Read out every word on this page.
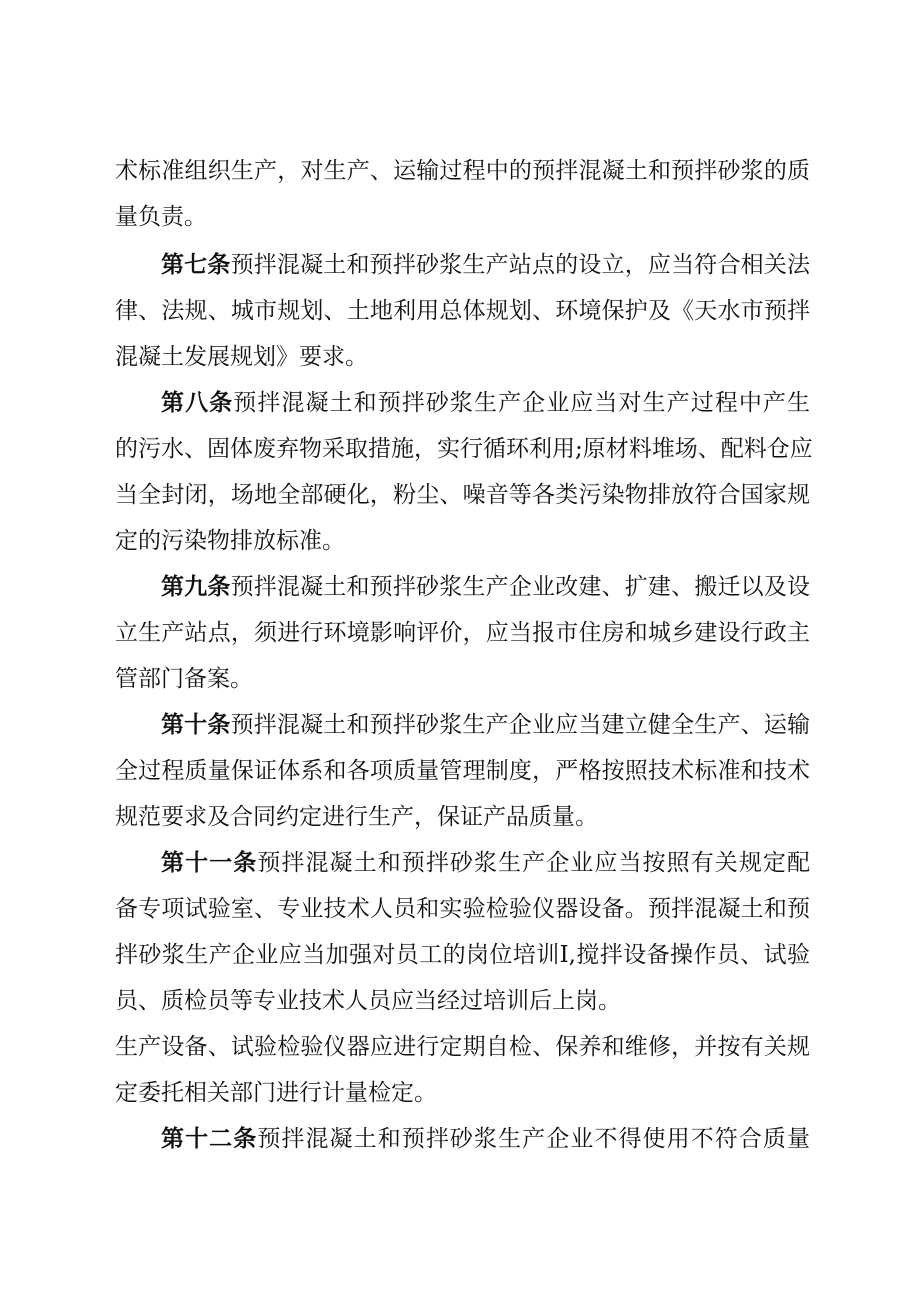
术标准组织生产，对生产、运输过程中的预拌混凝土和预拌砂浆的质
量负责。
第七条预拌混凝土和预拌砂浆生产站点的设立，应当符合相关法
律、法规、城市规划、土地利用总体规划、环境保护及《天水市预拌
混凝土发展规划》要求。
第八条预拌混凝土和预拌砂浆生产企业应当对生产过程中产生
的污水、固体废弃物采取措施，实行循环利用;原材料堆场、配料仓应
当全封闭，场地全部硬化，粉尘、噪音等各类污染物排放符合国家规
定的污染物排放标准。
第九条预拌混凝土和预拌砂浆生产企业改建、扩建、搬迁以及设
立生产站点，须进行环境影响评价，应当报市住房和城乡建设行政主
管部门备案。
第十条预拌混凝土和预拌砂浆生产企业应当建立健全生产、运输
全过程质量保证体系和各项质量管理制度，严格按照技术标准和技术
规范要求及合同约定进行生产，保证产品质量。
第十一条预拌混凝土和预拌砂浆生产企业应当按照有关规定配
备专项试验室、专业技术人员和实验检验仪器设备。预拌混凝土和预
拌砂浆生产企业应当加强对员工的岗位培训I,搅拌设备操作员、试验
员、质检员等专业技术人员应当经过培训后上岗。
生产设备、试验检验仪器应进行定期自检、保养和维修，并按有关规
定委托相关部门进行计量检定。
第十二条预拌混凝土和预拌砂浆生产企业不得使用不符合质量
